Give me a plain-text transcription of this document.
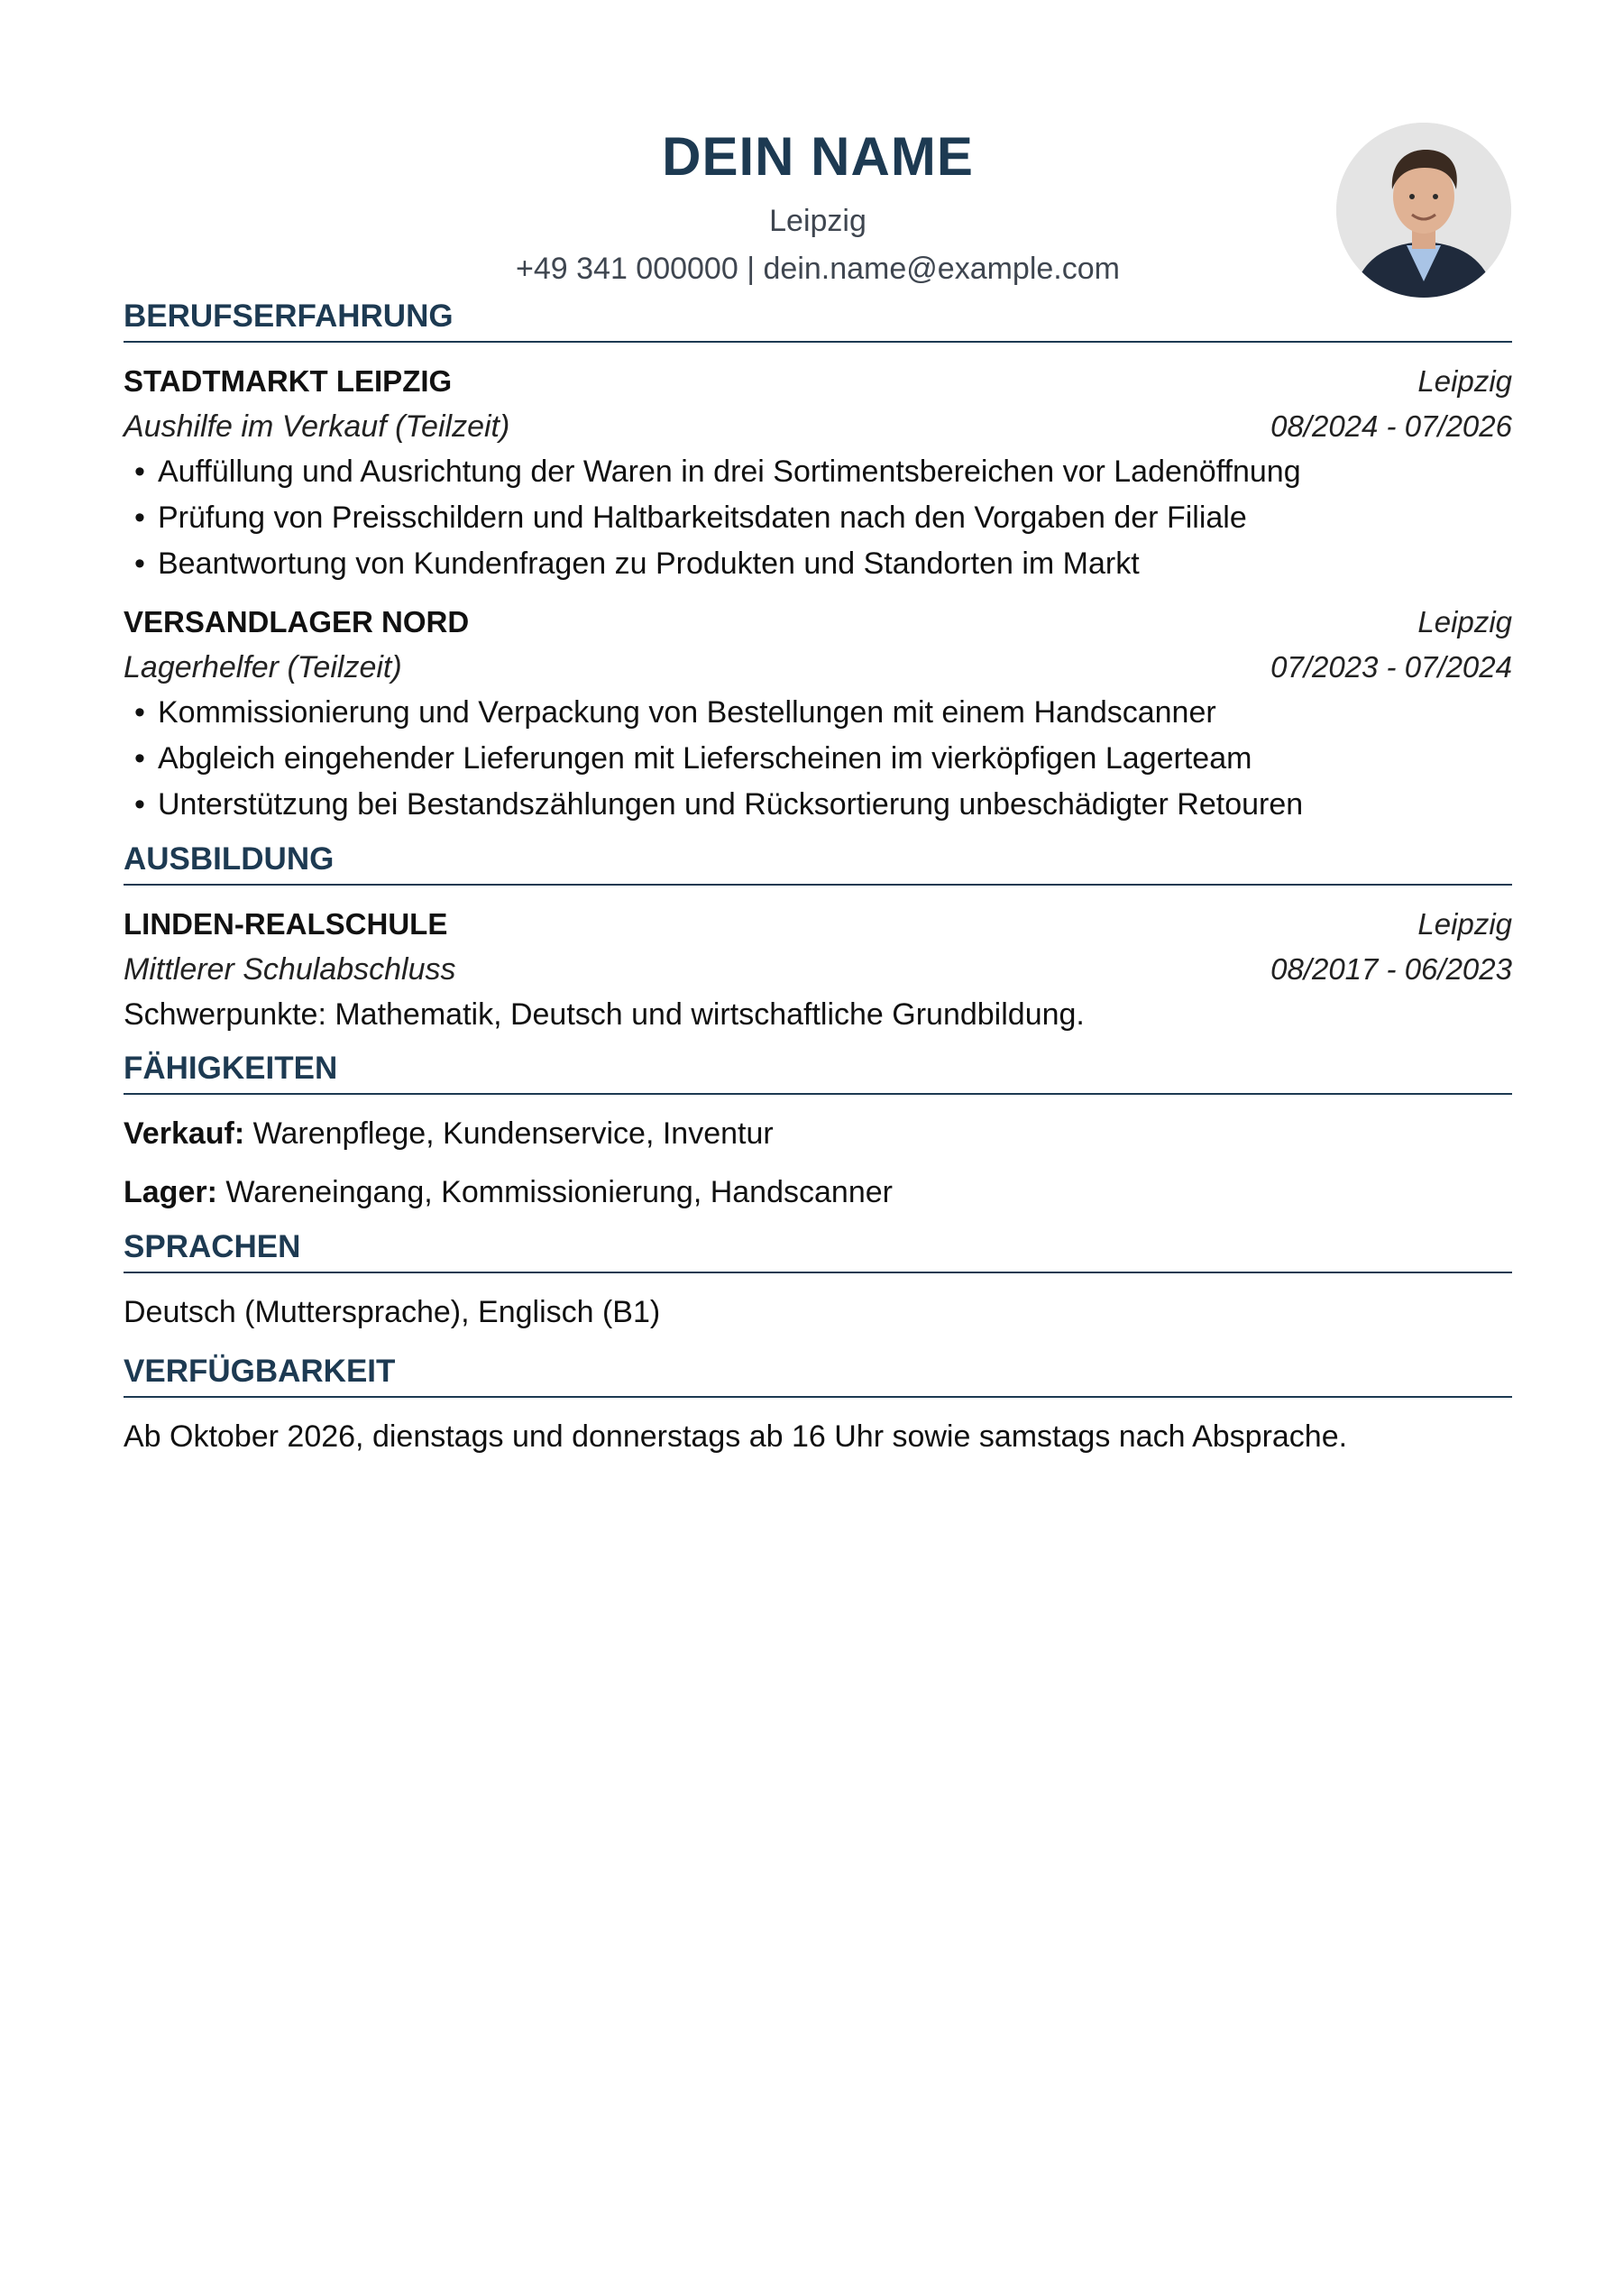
DEIN NAME
Leipzig
+49 341 000000 | dein.name@example.com
BERUFSERFAHRUNG
STADTMARKT LEIPZIG	Leipzig
Aushilfe im Verkauf (Teilzeit)	08/2024 - 07/2026
• Auffüllung und Ausrichtung der Waren in drei Sortimentsbereichen vor Ladenöffnung
• Prüfung von Preisschildern und Haltbarkeitsdaten nach den Vorgaben der Filiale
• Beantwortung von Kundenfragen zu Produkten und Standorten im Markt
VERSANDLAGER NORD	Leipzig
Lagerhelfer (Teilzeit)	07/2023 - 07/2024
• Kommissionierung und Verpackung von Bestellungen mit einem Handscanner
• Abgleich eingehender Lieferungen mit Lieferscheinen im vierköpfigen Lagerteam
• Unterstützung bei Bestandszählungen und Rücksortierung unbeschädigter Retouren
AUSBILDUNG
LINDEN-REALSCHULE	Leipzig
Mittlerer Schulabschluss	08/2017 - 06/2023
Schwerpunkte: Mathematik, Deutsch und wirtschaftliche Grundbildung.
FÄHIGKEITEN
Verkauf: Warenpflege, Kundenservice, Inventur
Lager: Wareneingang, Kommissionierung, Handscanner
SPRACHEN
Deutsch (Muttersprache), Englisch (B1)
VERFÜGBARKEIT
Ab Oktober 2026, dienstags und donnerstags ab 16 Uhr sowie samstags nach Absprache.
